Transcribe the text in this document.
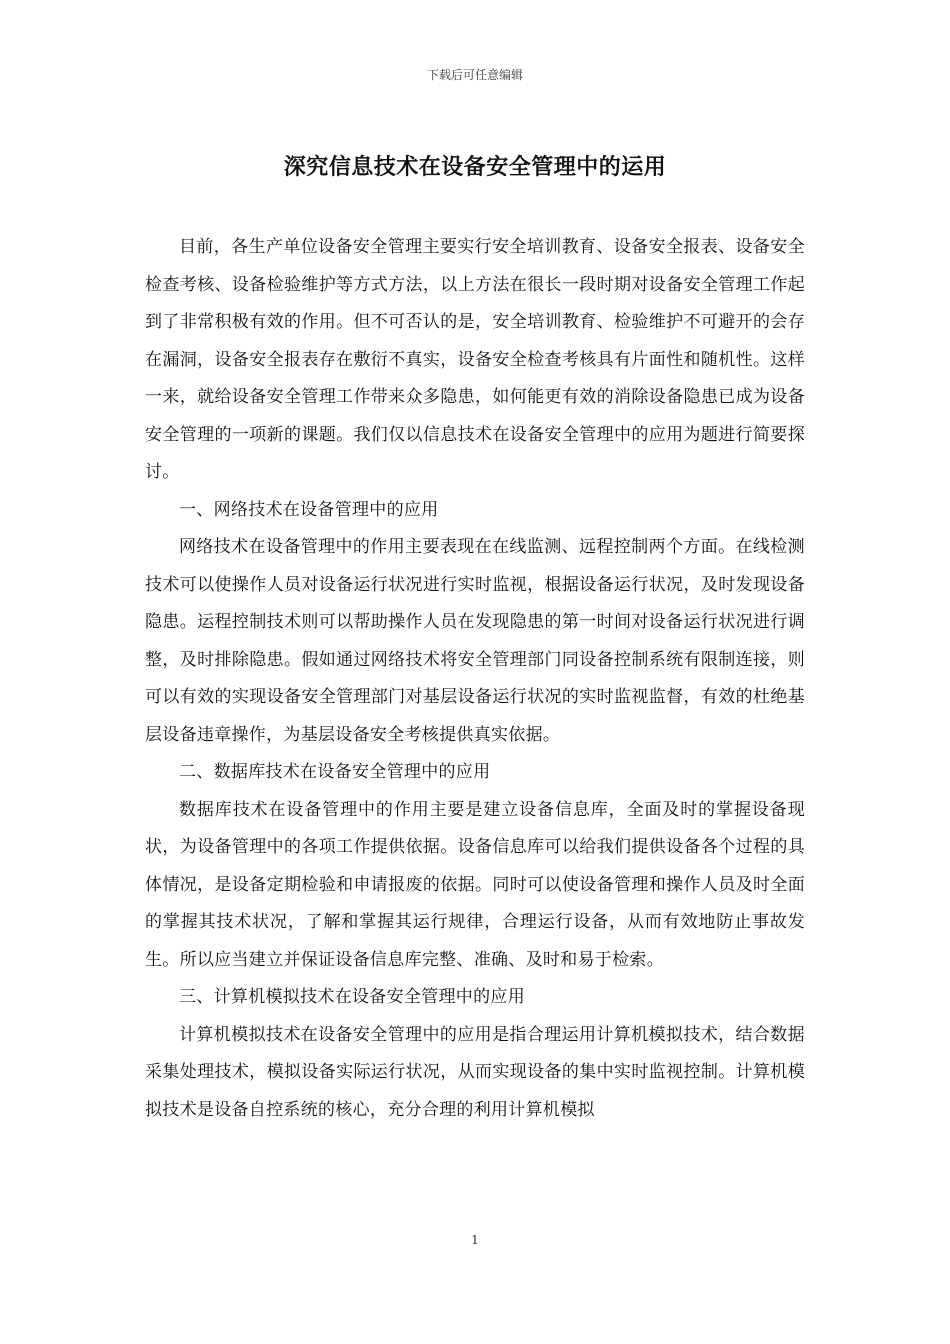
下载后可任意编辑
深究信息技术在设备安全管理中的运用

目前，各生产单位设备安全管理主要实行安全培训教育、设备安全报表、设备安全检查考核、设备检验维护等方式方法，以上方法在很长一段时期对设备安全管理工作起到了非常积极有效的作用。但不可否认的是，安全培训教育、检验维护不可避开的会存在漏洞，设备安全报表存在敷衍不真实，设备安全检查考核具有片面性和随机性。这样一来，就给设备安全管理工作带来众多隐患，如何能更有效的消除设备隐患已成为设备安全管理的一项新的课题。我们仅以信息技术在设备安全管理中的应用为题进行简要探讨。

一、网络技术在设备管理中的应用

网络技术在设备管理中的作用主要表现在在线监测、远程控制两个方面。在线检测技术可以使操作人员对设备运行状况进行实时监视，根据设备运行状况，及时发现设备隐患。运程控制技术则可以帮助操作人员在发现隐患的第一时间对设备运行状况进行调整，及时排除隐患。假如通过网络技术将安全管理部门同设备控制系统有限制连接，则可以有效的实现设备安全管理部门对基层设备运行状况的实时监视监督，有效的杜绝基层设备违章操作，为基层设备安全考核提供真实依据。

二、数据库技术在设备安全管理中的应用

数据库技术在设备管理中的作用主要是建立设备信息库，全面及时的掌握设备现状，为设备管理中的各项工作提供依据。设备信息库可以给我们提供设备各个过程的具体情况，是设备定期检验和申请报废的依据。同时可以使设备管理和操作人员及时全面的掌握其技术状况，了解和掌握其运行规律，合理运行设备，从而有效地防止事故发生。所以应当建立并保证设备信息库完整、准确、及时和易于检索。

三、计算机模拟技术在设备安全管理中的应用

计算机模拟技术在设备安全管理中的应用是指合理运用计算机模拟技术，结合数据采集处理技术，模拟设备实际运行状况，从而实现设备的集中实时监视控制。计算机模拟技术是设备自控系统的核心，充分合理的利用计算机模拟

1
